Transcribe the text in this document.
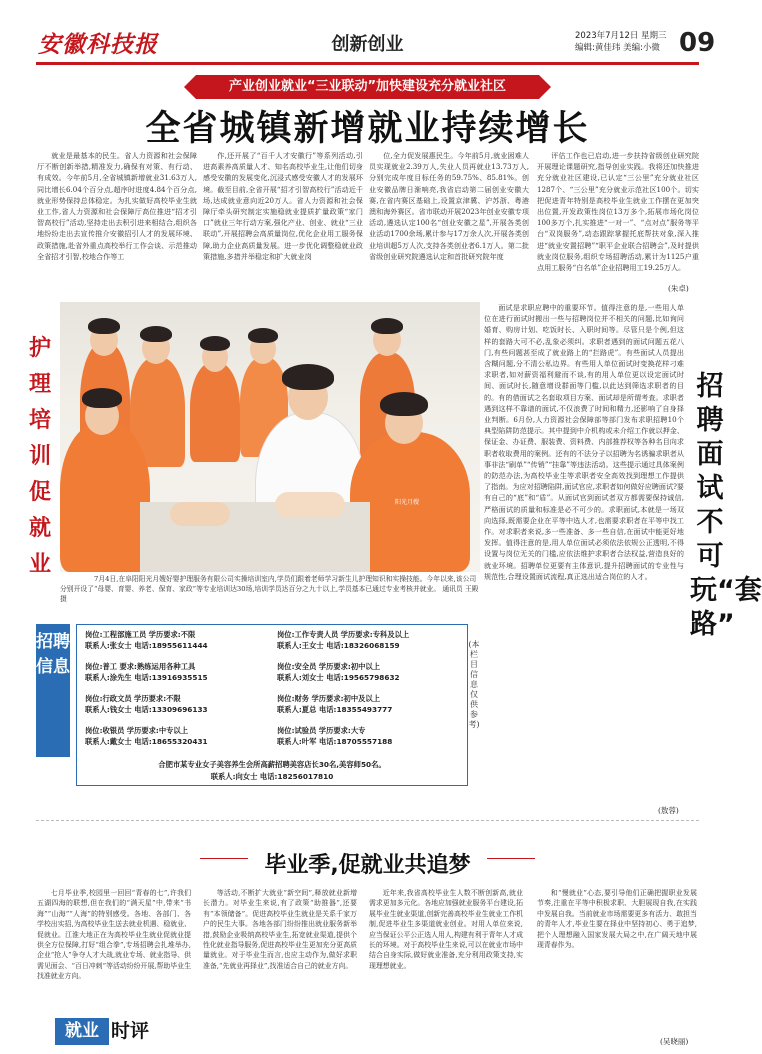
安徽科技报	创新创业	2023年7月12日 星期三
编辑:黄佳玮 美编:小微 09
产业创业就业“三业联动”加快建设充分就业社区
全省城镇新增就业持续增长

就业是最基本的民生。省人力资源和社会保障厅不断创新举措,精准发力,确保有对策、有行动、有成效。今年前5月,全省城镇新增就业31.63万人,同比增长6.04个百分点,超序时进度4.84个百分点,就业形势保持总体稳定。为扎实做好高校毕业生就业工作,省人力资源和社会保障厅高位推进“招才引智高校行”活动,坚持走出去积引进来相结合,组织各地纷纷走出去宣传推介安徽招引人才的发展环境、政策措施,赴省外重点高校举行工作会谈、示范推动全省招才引智,校地合作等工

作,还开展了“百千人才安徽行”等系列活动,引进高素养高质量人才、知名高校毕业生,让他们切身感受安徽的发展变化,沉浸式感受安徽人才的发展环境。截至目前,全省开展“招才引智高校行”活动近千场,达成就业意向近20万人。省人力资源和社会保障厅牵头研究制定实施稳就业提质扩量政策“家门口”就业三年行动方案,强化产业、创业、就业“三业联动”,开展招聘会高质量岗位,优化企业用工服务保障,助力企业高质量发展。进一步优化调整稳就业政策措施,多措并举稳定和扩大就业岗

位,全力促发展惠民生。今年前5月,就业困难人员实现就业2.39万人,失业人员再就业13.73万人,分别完成年度目标任务的59.75%、85.81%。创业安徽品牌日渐响亮,我省启动第二届创业安徽大赛,在省内赛区基础上,设置京津冀、沪苏浙、粤港澳和海外赛区。省市联动开展2023年创业安徽专项活动,遴选认定100名“创业安徽之星”,开展各类创业活动1700余场,累计参与17万余人次,开展各类创业培训超5万人次,支持各类创业者6.1万人。第二批省级创业研究院遴选认定和首批研究院年度

评估工作也已启动,进一步扶持省级创业研究院开展理论课题研究,指导创业实践。我将还加快推进充分就业社区建设,已认定“三公里”充分就业社区1287个、“三公里”充分就业示范社区100个。切实把促进青年特别是高校毕业生就业工作摆在更加突出位置,开发政策性岗位13万多个,拓展市场化岗位100多万个,扎实推进“一对一”、“点对点”服务等平台“双岗服务”,动态跟踪掌握托底帮扶对象,深入推进“就业安置招聘”“职平企业联合招聘会”,及时提供就业岗位服务,组织专场招聘活动,累计为1125户重点用工服务“白名单”企业招聘用工19.25万人。

(朱卓)
护理培训促就业
阳光月嫂
7月4日,在阜阳阳光月嫂好婴护理服务有限公司实操培训室内,学员们跟着老师学习新生儿护理知识和实操技能。今年以来,该公司分别开设了“母婴、育婴、养老、保育、家政”等专业培训达30场,培训学员达百分之九十以上,学员基本已通过专业考核并就业。 通讯员 王殿 摄
招聘信息
岗位:工程部施工员 学历要求:不限
联系人:张女士 电话:18955611444
岗位:工作专责人员 学历要求:专科及以上
联系人:王女士 电话:18326068159
岗位:普工 要求:熟练运用各种工具
联系人:涂先生 电话:13916935515
岗位:安全员 学历要求:初中以上
联系人:刘女士 电话:19565798632
岗位:行政文员 学历要求:不限
联系人:钱女士 电话:13309696133
岗位:财务 学历要求:初中及以上
联系人:夏总 电话:18355493777
岗位:收银员 学历要求:中专以上
联系人:戴女士 电话:18655320431
岗位:试验员 学历要求:大专
联系人:叶军 电话:18705557188
合肥市某专业女子美容养生会所高薪招聘美容店长30名,美容师50名。
联系人:向女士 电话:18256017810
(本栏目信息仅供参考)

面试是求职应聘中的重要环节。值得注意的是,一些用人单位在进行面试时搬出一些与招聘岗位并不相关的问题,比如询问婚育、购房计划、吃饭时长、入职时间等。尽管只是个例,但这样的套路大可不必,乱象必须纠。求职者遇到的面试问题五花八门,有些问题甚至成了就业路上的“拦路虎”。有些面试人员提出含糊问题,分不清公私边界。有些用人单位面试时变换花样刁难求职者,如对薪资福利避而不谈,有的用人单位更以设定面试时间、面试时长,随意增设群面等门槛,以此达到筛选求职者的目的。有的借面试之名套取项目方案、面试却是所谓考查。求职者遇到这样不靠谱的面试,不仅浪费了时间和精力,还影响了自身择业判断。6月份,人力资源社会保障部等部门发布求职招聘10个典型陷阱防范提示。其中提到中介机构或未介绍工作就以押金、保证金、办证费、服装费、资料费、内部推荐权等各种名目向求职者收取费用的案例。还有的不法分子以招聘为名诱骗求职者从事非法“刷单”“传销”“挂靠”等违法活动。这些提示通过具体案例的防范办法,为高校毕业生等求职者安全高效找到理想工作提供了指南。为应对招聘陷阱,面试官应,求职者如何做好应聘面试?要有自己的“底”和“盾”。从面试官到面试者双方都需要保持诚信,严格面试的质量和标准是必不可少的。求职面试,本就是一场双向选择,既需要企业在平等中选人才,也需要求职者在平等中找工作。对求职者来说,多一些准备、多一些自信,在面试中能更好地发挥。值得注意的是,用人单位面试必须依法依规公正透明,不得设置与岗位无关的门槛,应依法维护求职者合法权益,营造良好的就业环境。招聘单位更要有主体意识,提升招聘面试的专业性与规范性,合理设置面试流程,真正选出适合岗位的人才。

(敖蓉)
招聘面试不可玩“套路”
毕业季,促就业共追梦

七月毕业季,校园里一回回“青春的七”,许我们五湖四海的联想,但在我们的“满天星”中,带来“书海”“山海”“人海”的特别感受。各地、各部门、各学校出实招,为高校毕业生送去就业机遇、稳就业、促就业。江淮大地正在为高校毕业生就业促就业提供全方位保障,打好“组合拳”,专场招聘会扎堆举办,企业“抢人”争夺人才大战,就业专场、就业指导、供需见面会、“百日冲刺”等活动纷纷开展,帮助毕业生找准就业方向。

等活动,不断扩大就业“新空间”,释放就业新增长潜力。对毕业生来说,有了政策“助推器”,还要有“本领储备”。促进高校毕业生就业是关系千家万户的民生大事。各地各部门纷纷推出就业服务新举措,鼓励企业吸纳高校毕业生,拓宽就业渠道,提供个性化就业指导服务,促进高校毕业生更加充分更高质量就业。对于毕业生而言,也应主动作为,做好求职准备,“先就业再择业”,找准适合自己的就业方向。

近年来,我省高校毕业生人数不断创新高,就业需求更加多元化。各地应加强就业服务平台建设,拓展毕业生就业渠道,创新完善高校毕业生就业工作机制,促进毕业生多渠道就业创业。对用人单位来说,应当保证公平公正选人用人,构建有利于青年人才成长的环境。对于高校毕业生来说,可以在就业市场中结合自身实际,做好就业准备,充分利用政策支持,实现理想就业。

和“慢就业”心态,要引导他们正确把握职业发展节奏,注重在平等中积极求职、大胆展现自我,在实践中发展自我。当前就业市场需要更多有活力、敢担当的青年人才,毕业生要在择业中坚持初心、勇于追梦,把个人理想融入国家发展大局之中,在广阔天地中展现青春作为。

(吴晓丽)
就业 时评
